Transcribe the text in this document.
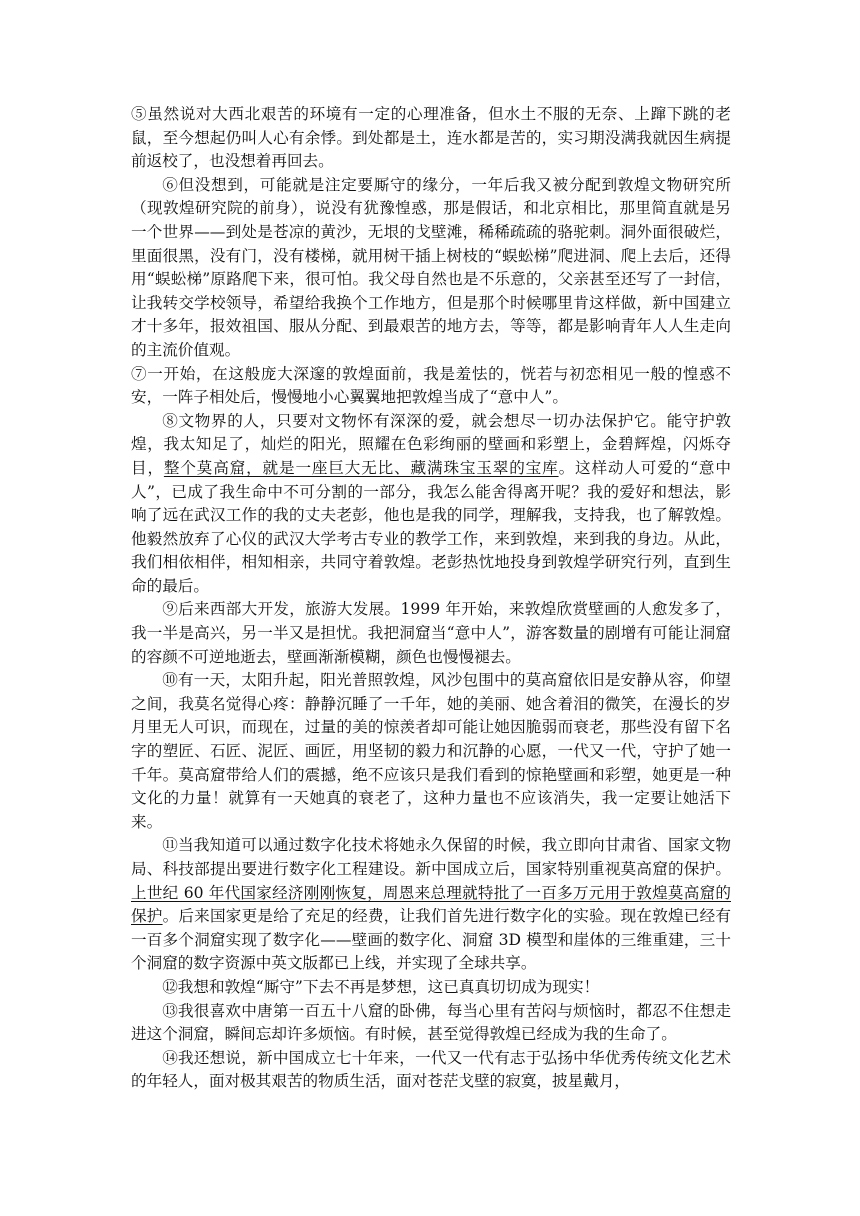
⑤虽然说对大西北艰苦的环境有一定的心理准备，但水土不服的无奈、上蹿下跳的老鼠，至今想起仍叫人心有余悸。到处都是土，连水都是苦的，实习期没满我就因生病提前返校了，也没想着再回去。

⑥但没想到，可能就是注定要厮守的缘分，一年后我又被分配到敦煌文物研究所（现敦煌研究院的前身），说没有犹豫惶惑，那是假话，和北京相比，那里简直就是另一个世界——到处是苍凉的黄沙，无垠的戈壁滩，稀稀疏疏的骆驼刺。洞外面很破烂，里面很黑，没有门，没有楼梯，就用树干插上树枝的“蜈蚣梯”爬进洞、爬上去后，还得用“蜈蚣梯”原路爬下来，很可怕。我父母自然也是不乐意的，父亲甚至还写了一封信，让我转交学校领导，希望给我换个工作地方，但是那个时候哪里肯这样做，新中国建立才十多年，报效祖国、服从分配、到最艰苦的地方去，等等，都是影响青年人人生走向的主流价值观。

⑦一开始，在这般庞大深邃的敦煌面前，我是羞怯的，恍若与初恋相见一般的惶惑不安，一阵子相处后，慢慢地小心翼翼地把敦煌当成了“意中人”。

⑧文物界的人，只要对文物怀有深深的爱，就会想尽一切办法保护它。能守护敦煌，我太知足了，灿烂的阳光，照耀在色彩绚丽的壁画和彩塑上，金碧辉煌，闪烁夺目，整个莫高窟，就是一座巨大无比、藏满珠宝玉翠的宝库。这样动人可爱的“意中人”，已成了我生命中不可分割的一部分，我怎么能舍得离开呢？我的爱好和想法，影响了远在武汉工作的我的丈夫老彭，他也是我的同学，理解我，支持我，也了解敦煌。他毅然放弃了心仪的武汉大学考古专业的教学工作，来到敦煌，来到我的身边。从此，我们相依相伴，相知相亲，共同守着敦煌。老彭热忱地投身到敦煌学研究行列，直到生命的最后。

⑨后来西部大开发，旅游大发展。1999 年开始，来敦煌欣赏壁画的人愈发多了，我一半是高兴，另一半又是担忧。我把洞窟当“意中人”，游客数量的剧增有可能让洞窟的容颜不可逆地逝去，壁画渐渐模糊，颜色也慢慢褪去。

⑩有一天，太阳升起，阳光普照敦煌，风沙包围中的莫高窟依旧是安静从容，仰望之间，我莫名觉得心疼：静静沉睡了一千年，她的美丽、她含着泪的微笑，在漫长的岁月里无人可识，而现在，过量的美的惊羡者却可能让她因脆弱而衰老，那些没有留下名字的塑匠、石匠、泥匠、画匠，用坚韧的毅力和沉静的心愿，一代又一代，守护了她一千年。莫高窟带给人们的震撼，绝不应该只是我们看到的惊艳壁画和彩塑，她更是一种文化的力量！就算有一天她真的衰老了，这种力量也不应该消失，我一定要让她活下来。

⑪当我知道可以通过数字化技术将她永久保留的时候，我立即向甘肃省、国家文物局、科技部提出要进行数字化工程建设。新中国成立后，国家特别重视莫高窟的保护。上世纪 60 年代国家经济刚刚恢复，周恩来总理就特批了一百多万元用于敦煌莫高窟的保护。后来国家更是给了充足的经费，让我们首先进行数字化的实验。现在敦煌已经有一百多个洞窟实现了数字化——壁画的数字化、洞窟 3D 模型和崖体的三维重建，三十个洞窟的数字资源中英文版都已上线，并实现了全球共享。

⑫我想和敦煌“厮守”下去不再是梦想，这已真真切切成为现实！

⑬我很喜欢中唐第一百五十八窟的卧佛，每当心里有苦闷与烦恼时，都忍不住想走进这个洞窟，瞬间忘却许多烦恼。有时候，甚至觉得敦煌已经成为我的生命了。

⑭我还想说，新中国成立七十年来，一代又一代有志于弘扬中华优秀传统文化艺术的年轻人，面对极其艰苦的物质生活，面对苍茫戈壁的寂寞，披星戴月，
